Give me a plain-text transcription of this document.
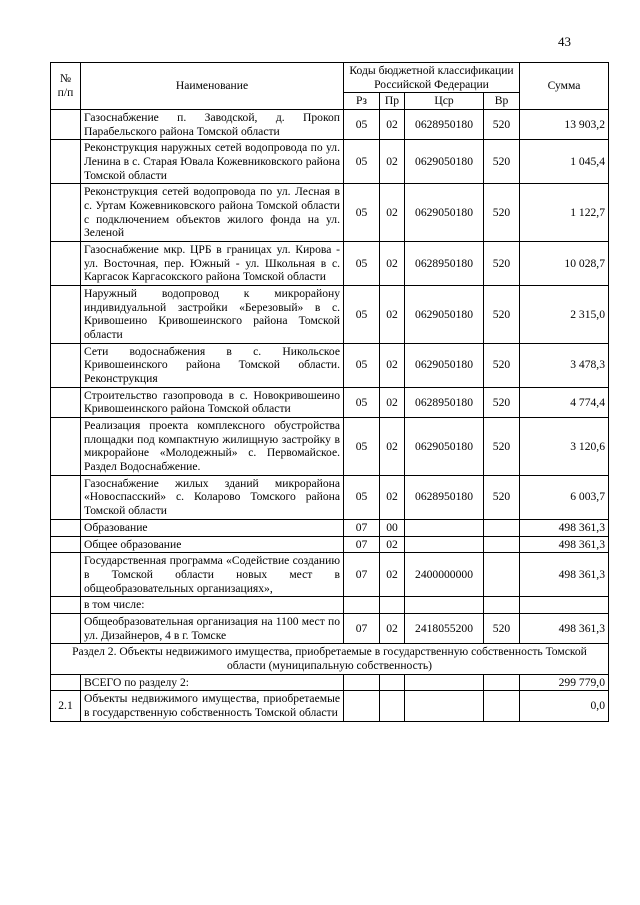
43
№ п/п	Наименование	Коды бюджетной классификации Российской Федерации				Сумма
		Рз	Пр	Цср	Вр	
	Газоснабжение п. Заводской, д. Прокоп Парабельского района Томской области	05	02	0628950180	520	13 903,2
	Реконструкция наружных сетей водопровода по ул. Ленина в с. Старая Ювала Кожевниковского района Томской области	05	02	0629050180	520	1 045,4
	Реконструкция сетей водопровода по ул. Лесная в с. Уртам Кожевниковского района Томской области с подключением объектов жилого фонда на ул. Зеленой	05	02	0629050180	520	1 122,7
	Газоснабжение мкр. ЦРБ в границах ул. Кирова - ул. Восточная, пер. Южный - ул. Школьная в с. Каргасок Каргасокского района Томской области	05	02	0628950180	520	10 028,7
	Наружный водопровод к микрорайону индивидуальной застройки «Березовый» в с. Кривошеино Кривошеинского района Томской области	05	02	0629050180	520	2 315,0
	Сети водоснабжения в с. Никольское Кривошеинского района Томской области. Реконструкция	05	02	0629050180	520	3 478,3
	Строительство газопровода в с. Новокривошеино Кривошеинского района Томской области	05	02	0628950180	520	4 774,4
	Реализация проекта комплексного обустройства площадки под компактную жилищную застройку в микрорайоне «Молодежный» с. Первомайское. Раздел Водоснабжение.	05	02	0629050180	520	3 120,6
	Газоснабжение жилых зданий микрорайона «Новоспасский» с. Коларово Томского района Томской области	05	02	0628950180	520	6 003,7
	Образование	07	00			498 361,3
	Общее образование	07	02			498 361,3
	Государственная программа «Содействие созданию в Томской области новых мест в общеобразовательных организациях»,	07	02	2400000000		498 361,3
	в том числе:					
	Общеобразовательная организация на 1100 мест по ул. Дизайнеров, 4 в г. Томске	07	02	2418055200	520	498 361,3
Раздел 2. Объекты недвижимого имущества, приобретаемые в государственную собственность Томской области (муниципальную собственность)						
	ВСЕГО по разделу 2:					299 779,0
2.1	Объекты недвижимого имущества, приобретаемые в государственную собственность Томской области					0,0
